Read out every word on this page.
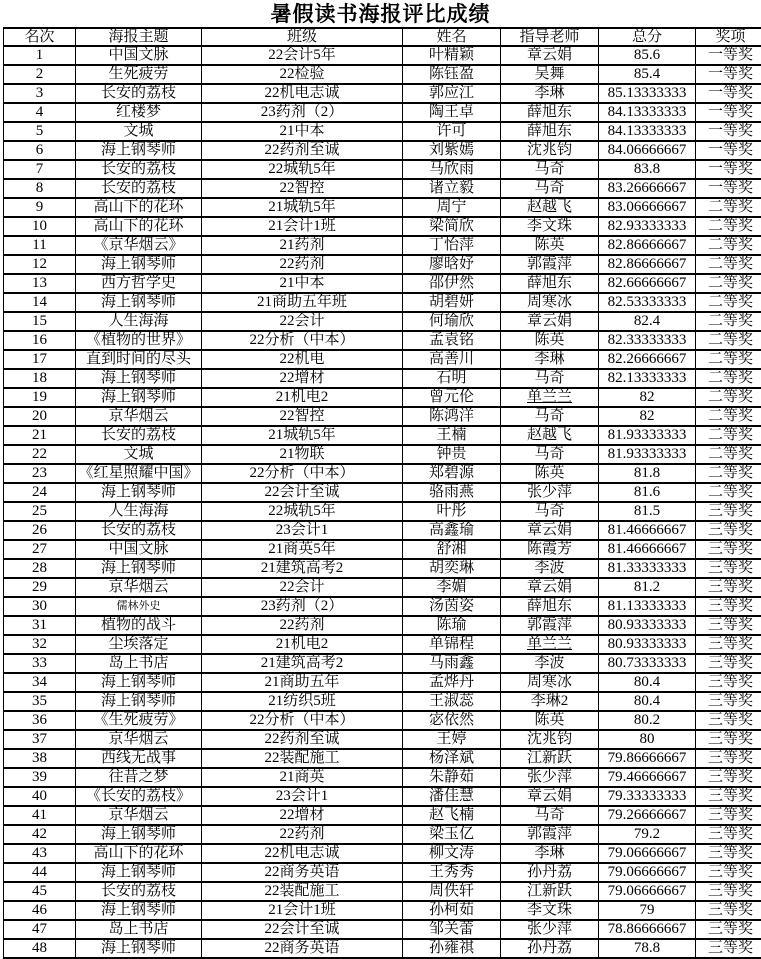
暑假读书海报评比成绩
名次	海报主题	班级	姓名	指导老师	总分	奖项
1	中国文脉	22会计5年	叶精颖	章云娟	85.6	一等奖
2	生死疲劳	22检验	陈钰盈	吴舞	85.4	一等奖
3	长安的荔枝	22机电志诚	郭应江	李琳	85.13333333	一等奖
4	红楼梦	23药剂（2）	陶王卓	薛旭东	84.13333333	一等奖
5	文城	21中本	许可	薛旭东	84.13333333	一等奖
6	海上钢琴师	22药剂至诚	刘紫嫣	沈兆钧	84.06666667	一等奖
7	长安的荔枝	22城轨5年	马欣雨	马奇	83.8	一等奖
8	长安的荔枝	22智控	诸立毅	马奇	83.26666667	一等奖
9	高山下的花环	21城轨5年	周宁	赵越飞	83.06666667	二等奖
10	高山下的花环	21会计1班	梁简欣	李文珠	82.93333333	二等奖
11	《京华烟云》	21药剂	丁怡萍	陈英	82.86666667	二等奖
12	海上钢琴师	22药剂	廖晗妤	郭霞萍	82.86666667	二等奖
13	西方哲学史	21中本	邵伊然	薛旭东	82.66666667	二等奖
14	海上钢琴师	21商助五年班	胡碧妍	周寒冰	82.53333333	二等奖
15	人生海海	22会计	何瑜欣	章云娟	82.4	二等奖
16	《植物的世界》	22分析（中本）	孟袁铭	陈英	82.33333333	二等奖
17	直到时间的尽头	22机电	高善川	李琳	82.26666667	二等奖
18	海上钢琴师	22增材	石明	马奇	82.13333333	二等奖
19	海上钢琴师	21机电2	曾元伦	单兰兰	82	二等奖
20	京华烟云	22智控	陈鸿洋	马奇	82	二等奖
21	长安的荔枝	21城轨5年	王楠	赵越飞	81.93333333	二等奖
22	文城	21物联	钟贵	马奇	81.93333333	二等奖
23	《红星照耀中国》	22分析（中本）	郑碧源	陈英	81.8	二等奖
24	海上钢琴师	22会计至诚	骆雨燕	张少萍	81.6	二等奖
25	人生海海	22城轨5年	叶彤	马奇	81.5	三等奖
26	长安的荔枝	23会计1	高鑫瑜	章云娟	81.46666667	三等奖
27	中国文脉	21商英5年	舒湘	陈霞芳	81.46666667	三等奖
28	海上钢琴师	21建筑高考2	胡奕琳	李波	81.33333333	三等奖
29	京华烟云	22会计	李媚	章云娟	81.2	三等奖
30	儒林外史	23药剂（2）	汤茵姿	薛旭东	81.13333333	三等奖
31	植物的战斗	22药剂	陈瑜	郭霞萍	80.93333333	三等奖
32	尘埃落定	21机电2	单锦程	单兰兰	80.93333333	三等奖
33	岛上书店	21建筑高考2	马雨鑫	李波	80.73333333	三等奖
34	海上钢琴师	21商助五年	孟烨丹	周寒冰	80.4	三等奖
35	海上钢琴师	21纺织5班	王淑蕊	李琳2	80.4	三等奖
36	《生死疲劳》	22分析（中本）	宓依然	陈英	80.2	三等奖
37	京华烟云	22药剂至诚	王婷	沈兆钧	80	三等奖
38	西线无战事	22装配施工	杨泽斌	江新跃	79.86666667	三等奖
39	往昔之梦	21商英	朱静茹	张少萍	79.46666667	三等奖
40	《长安的荔枝》	23会计1	潘佳慧	章云娟	79.33333333	三等奖
41	京华烟云	22增材	赵飞楠	马奇	79.26666667	三等奖
42	海上钢琴师	22药剂	梁玉亿	郭霞萍	79.2	三等奖
43	高山下的花环	22机电志诚	柳文涛	李琳	79.06666667	三等奖
44	海上钢琴师	22商务英语	王秀秀	孙丹荔	79.06666667	三等奖
45	长安的荔枝	22装配施工	周佚轩	江新跃	79.06666667	三等奖
46	海上钢琴师	21会计1班	孙柯茹	李文珠	79	三等奖
47	岛上书店	22会计至诚	邹关蕾	张少萍	78.86666667	三等奖
48	海上钢琴师	22商务英语	孙雍祺	孙丹荔	78.8	三等奖
